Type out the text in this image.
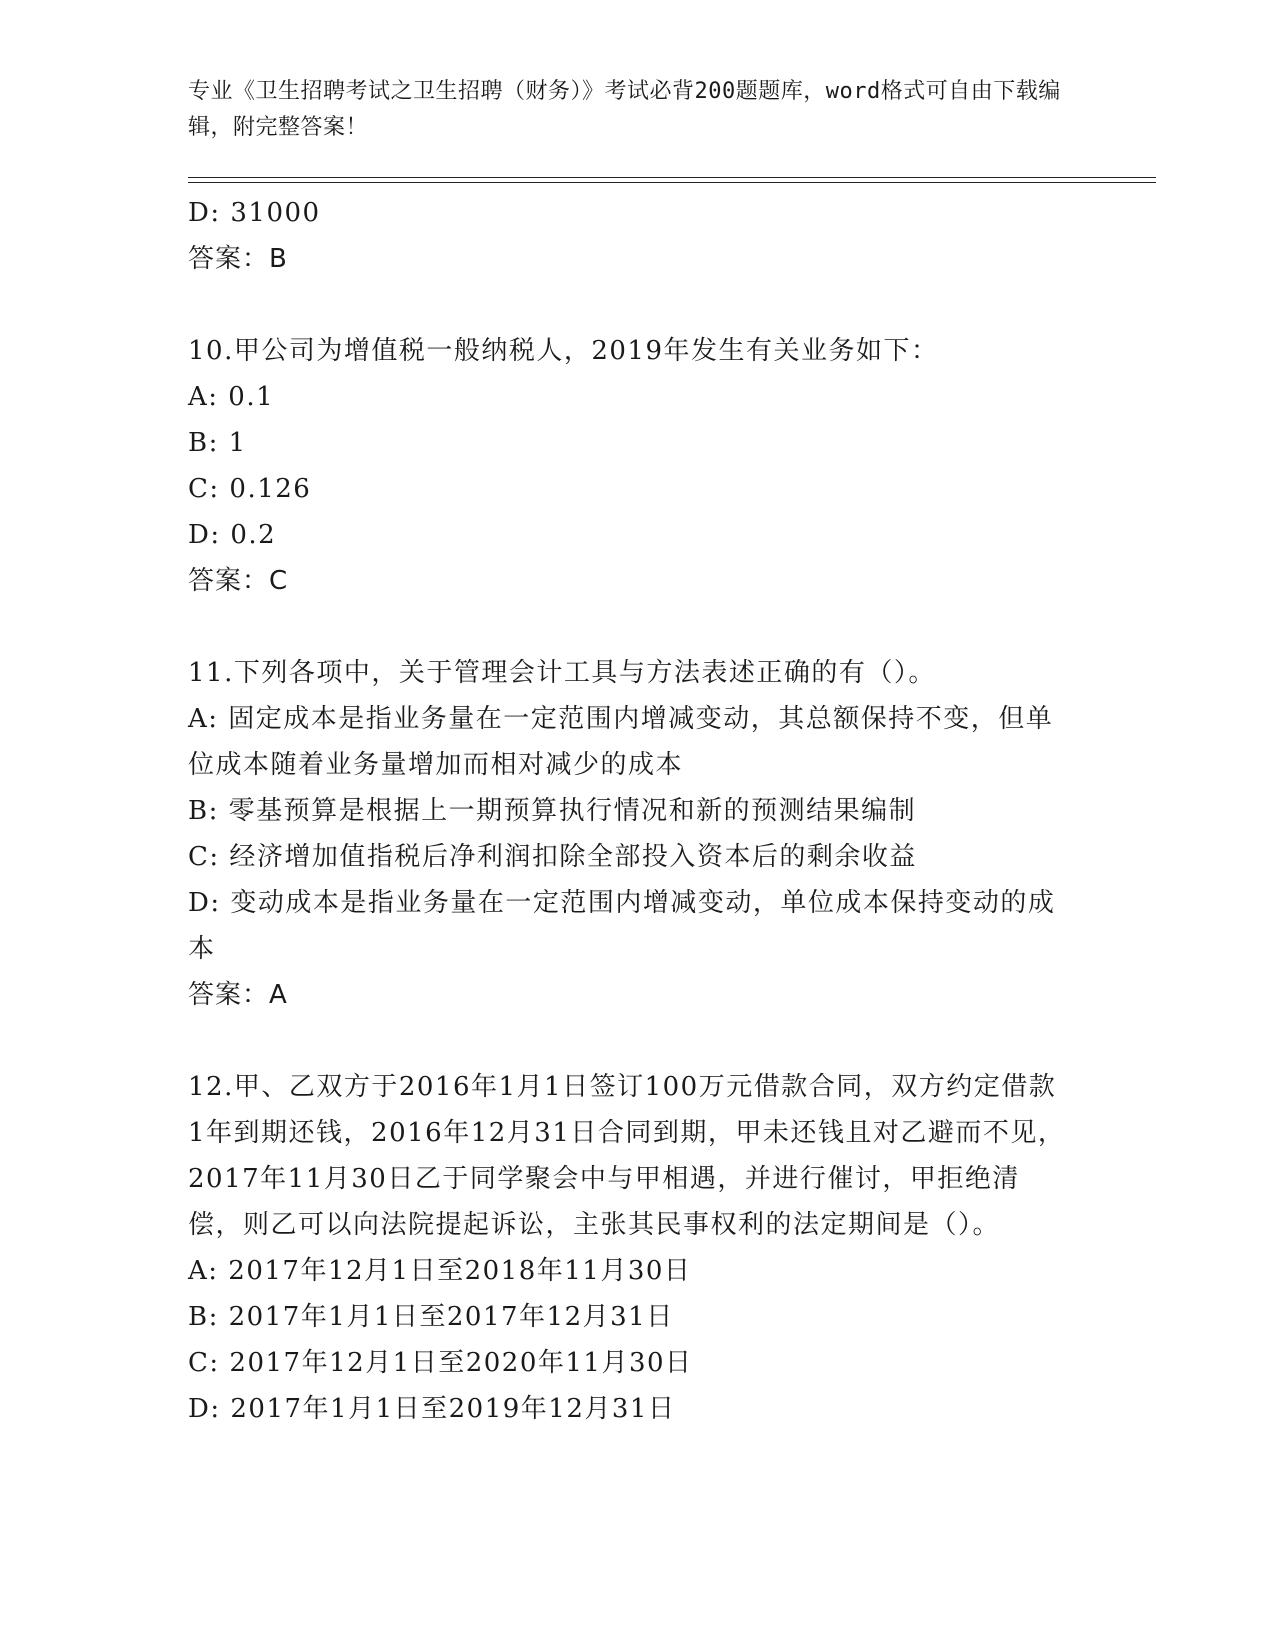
专业《卫生招聘考试之卫生招聘（财务）》考试必背200题题库，word格式可自由下载编辑，附完整答案！
D: 31000
答案：B
10.甲公司为增值税一般纳税人，2019年发生有关业务如下：
A: 0.1
B: 1
C: 0.126
D: 0.2
答案：C
11.下列各项中，关于管理会计工具与方法表述正确的有（）。
A: 固定成本是指业务量在一定范围内增减变动，其总额保持不变，但单位成本随着业务量增加而相对减少的成本
B: 零基预算是根据上一期预算执行情况和新的预测结果编制
C: 经济增加值指税后净利润扣除全部投入资本后的剩余收益
D: 变动成本是指业务量在一定范围内增减变动，单位成本保持变动的成本
答案：A
12.甲、乙双方于2016年1月1日签订100万元借款合同，双方约定借款1年到期还钱，2016年12月31日合同到期，甲未还钱且对乙避而不见，2017年11月30日乙于同学聚会中与甲相遇，并进行催讨，甲拒绝清偿，则乙可以向法院提起诉讼，主张其民事权利的法定期间是（）。
A: 2017年12月1日至2018年11月30日
B: 2017年1月1日至2017年12月31日
C: 2017年12月1日至2020年11月30日
D: 2017年1月1日至2019年12月31日
